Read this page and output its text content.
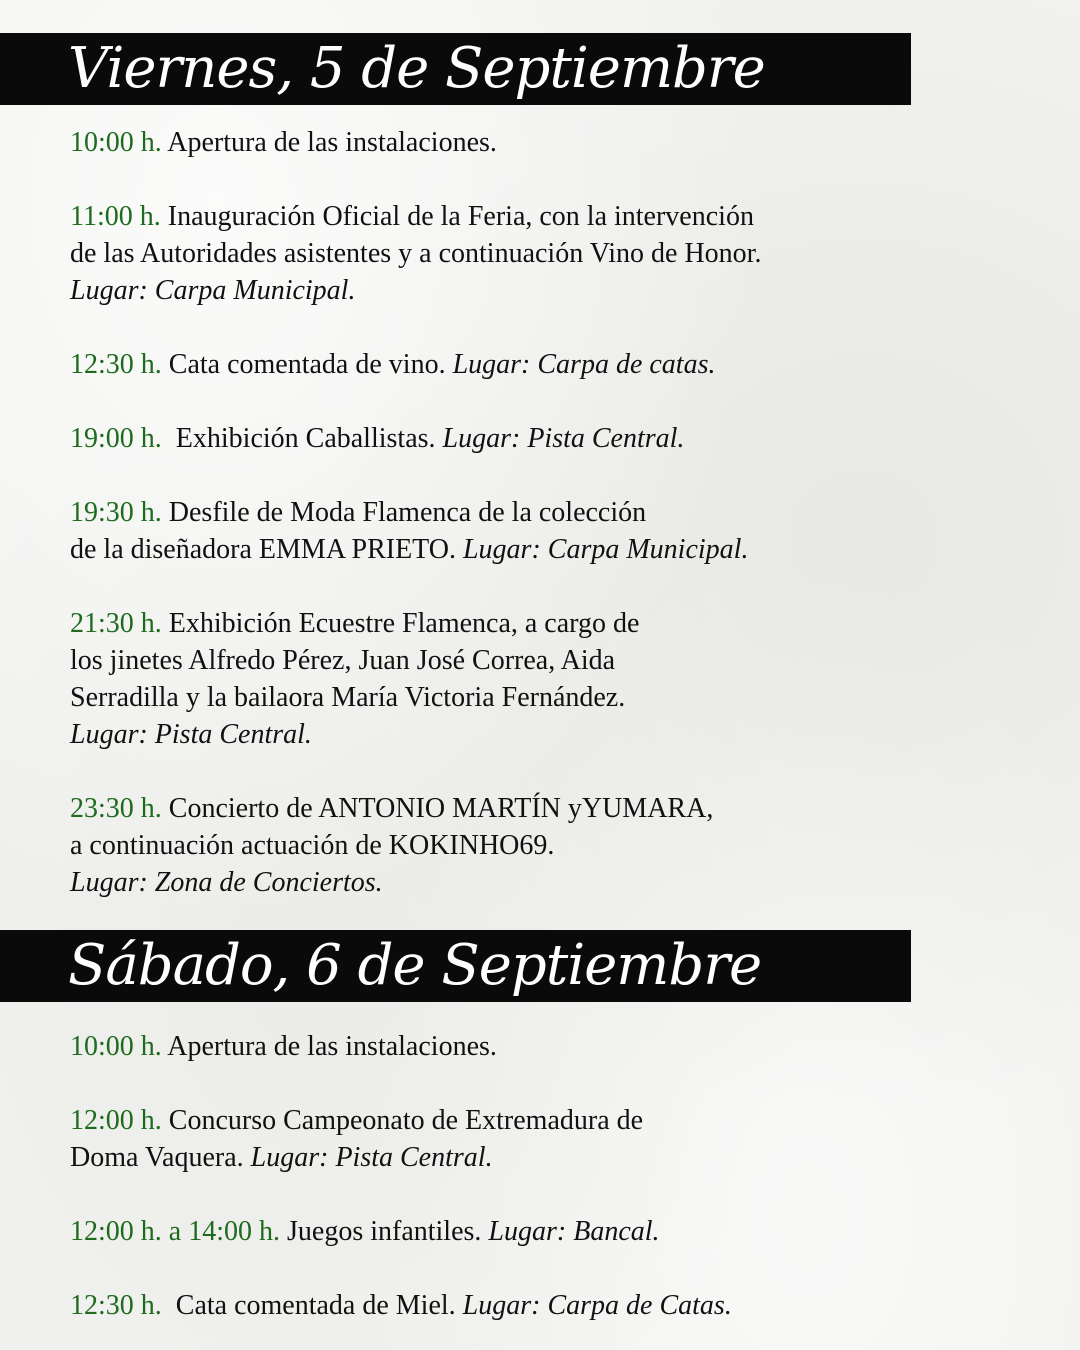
Viernes, 5 de Septiembre
10:00 h. Apertura de las instalaciones.
11:00 h. Inauguración Oficial de la Feria, con la intervención
de las Autoridades asistentes y a continuación Vino de Honor.
Lugar: Carpa Municipal.
12:30 h. Cata comentada de vino. Lugar: Carpa de catas.
19:00 h.  Exhibición Caballistas. Lugar: Pista Central.
19:30 h. Desfile de Moda Flamenca de la colección
de la diseñadora EMMA PRIETO. Lugar: Carpa Municipal.
21:30 h. Exhibición Ecuestre Flamenca, a cargo de
los jinetes Alfredo Pérez, Juan José Correa, Aida
Serradilla y la bailaora María Victoria Fernández.
Lugar: Pista Central.
23:30 h. Concierto de ANTONIO MARTÍN yYUMARA,
a continuación actuación de KOKINHO69.
Lugar: Zona de Conciertos.
Sábado, 6 de Septiembre
10:00 h. Apertura de las instalaciones.
12:00 h. Concurso Campeonato de Extremadura de
Doma Vaquera. Lugar: Pista Central.
12:00 h. a 14:00 h. Juegos infantiles. Lugar: Bancal.
12:30 h.  Cata comentada de Miel. Lugar: Carpa de Catas.
